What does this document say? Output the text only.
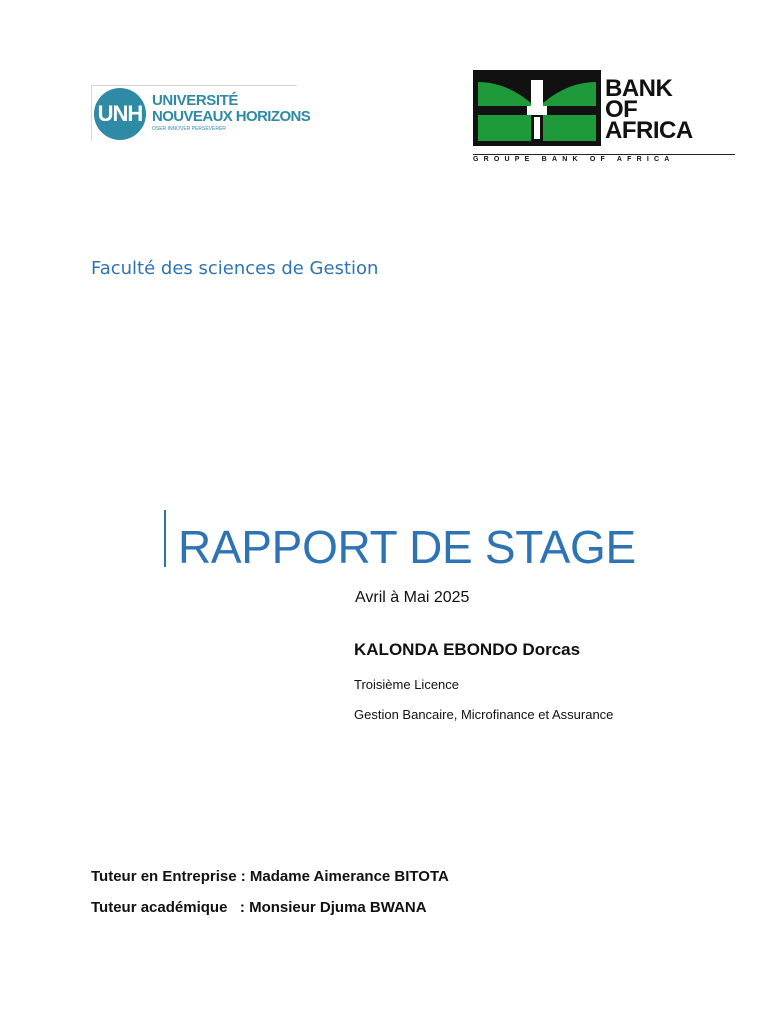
UNH
UNIVERSITÉ
NOUVEAUX HORIZONS
OSER INNOVER PERSÉVÉRER
BANK
OF
AFRICA
GROUPE BANK OF AFRICA
Faculté des sciences de Gestion
RAPPORT DE STAGE
Avril à Mai 2025
KALONDA EBONDO Dorcas
Troisième Licence
Gestion Bancaire, Microfinance et Assurance
Tuteur en Entreprise : Madame Aimerance BITOTA
Tuteur académique   : Monsieur Djuma BWANA
